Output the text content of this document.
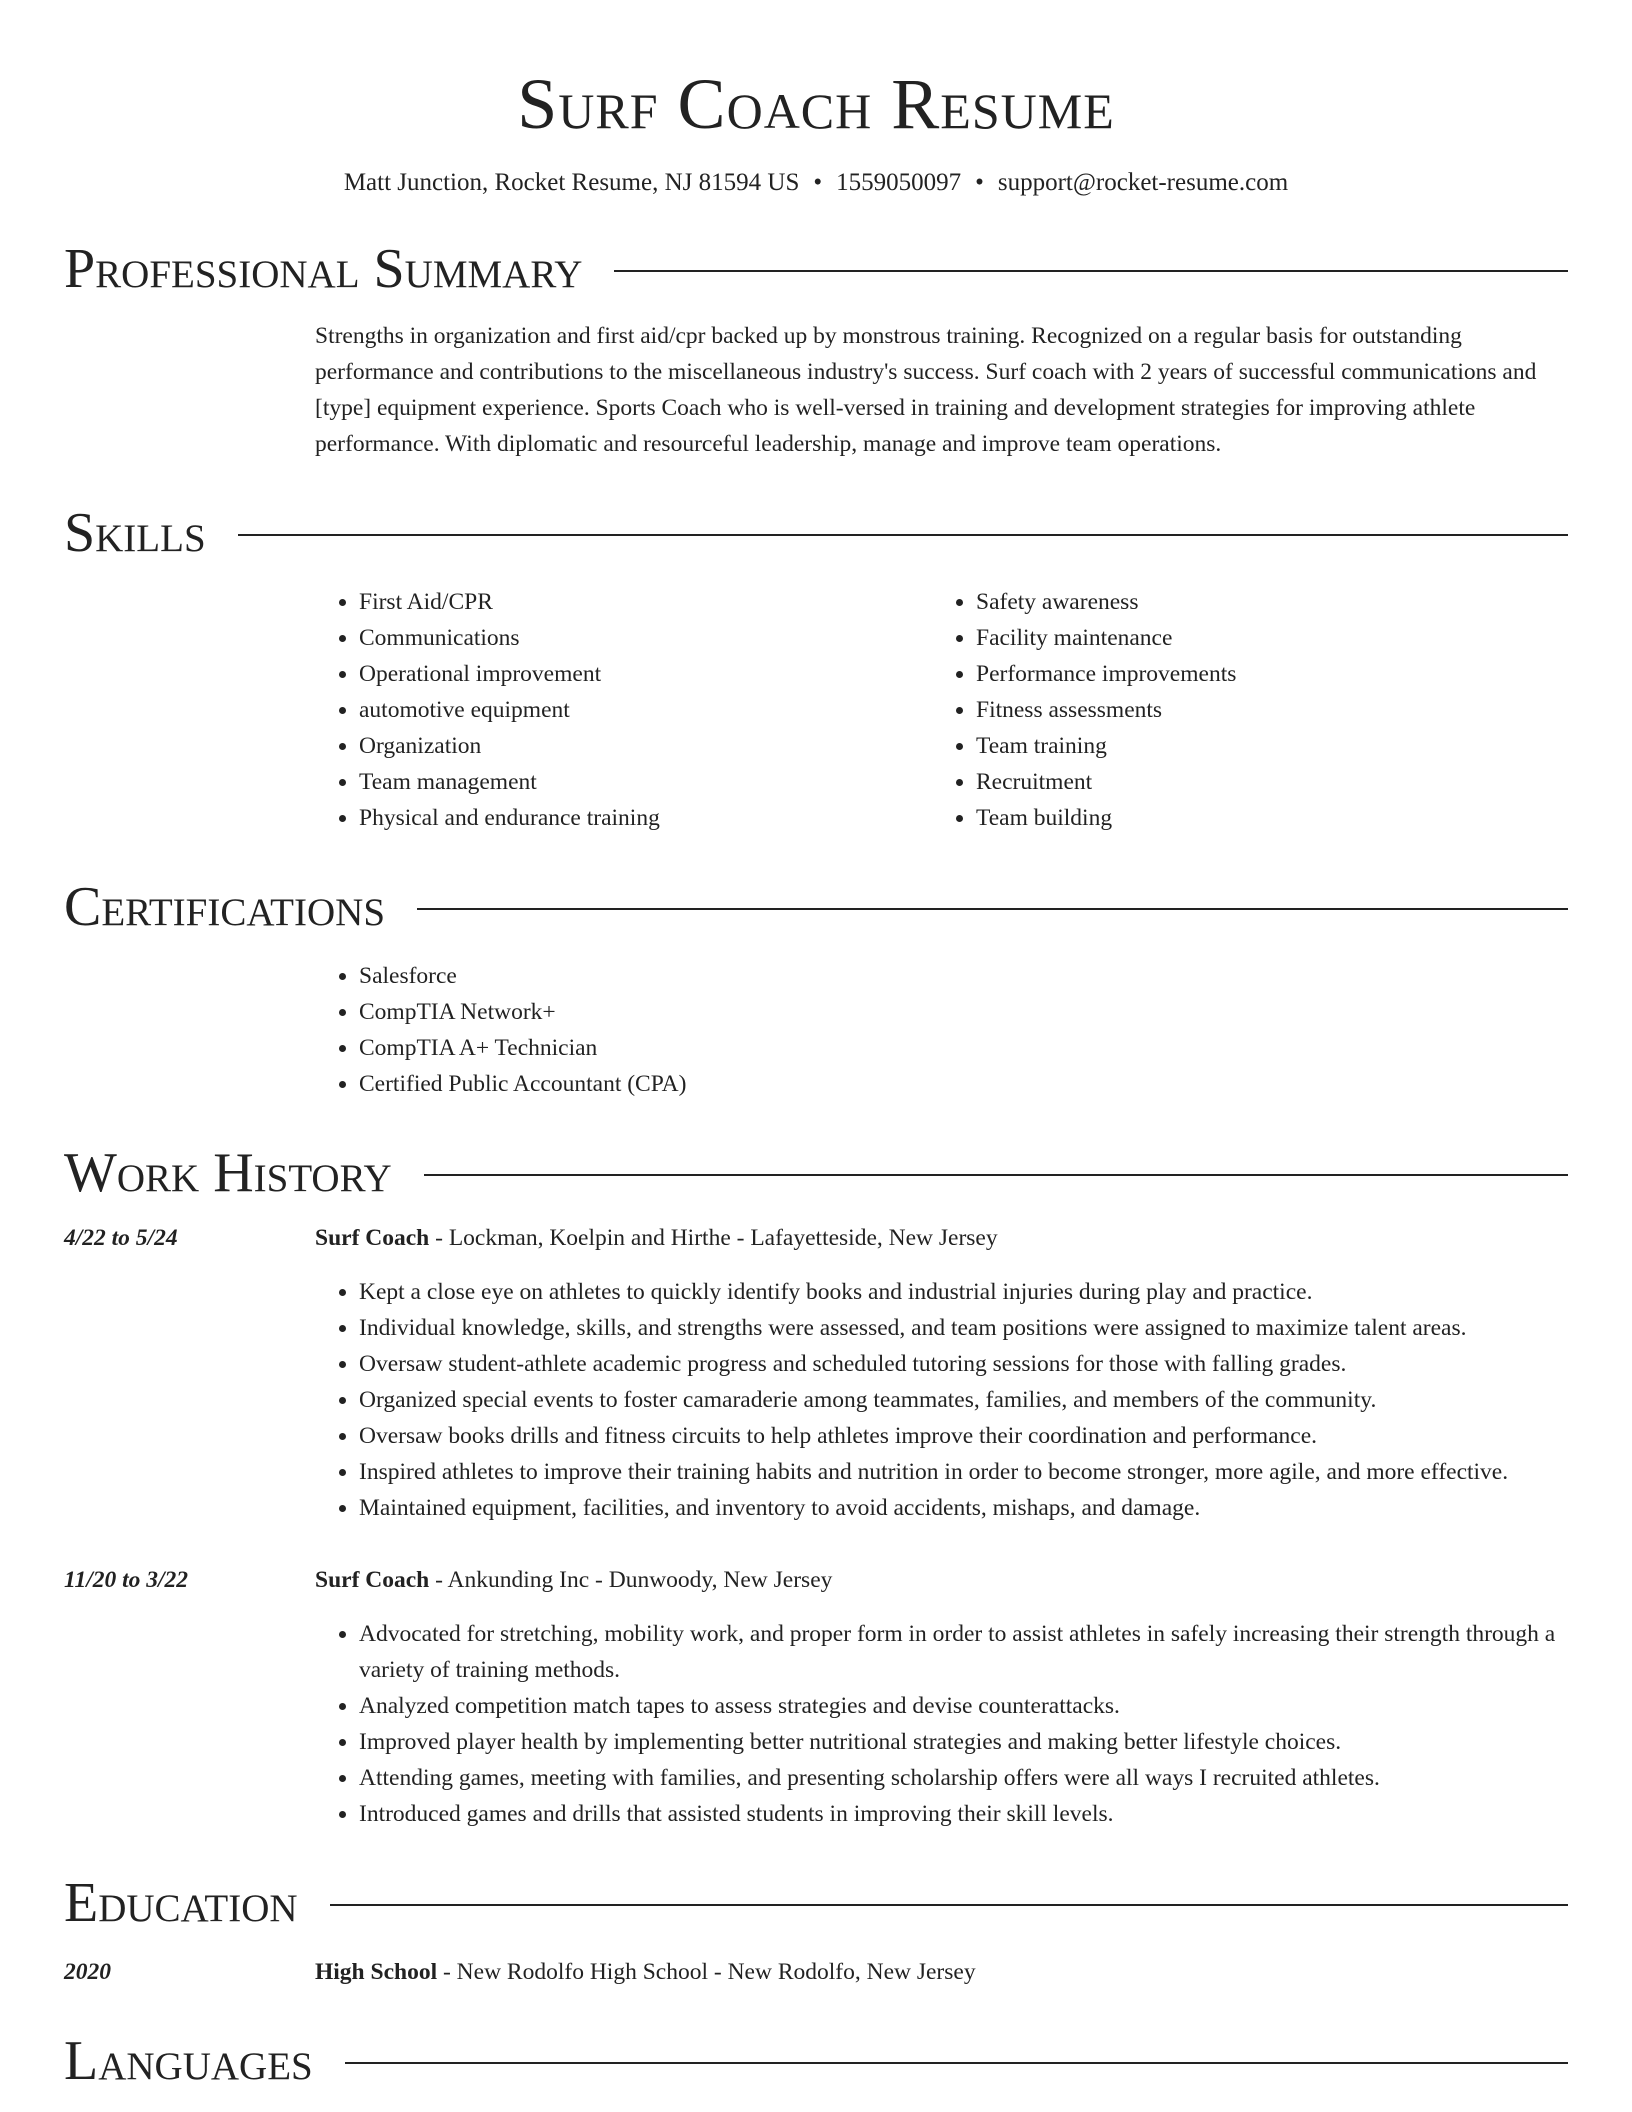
Surf Coach Resume
Matt Junction, Rocket Resume, NJ 81594 US • 1559050097 • support@rocket-resume.com
Professional Summary

Strengths in organization and first aid/cpr backed up by monstrous training. Recognized on a regular basis for outstanding performance and contributions to the miscellaneous industry's success. Surf coach with 2 years of successful communications and [type] equipment experience. Sports Coach who is well-versed in training and development strategies for improving athlete performance. With diplomatic and resourceful leadership, manage and improve team operations.

Skills
• First Aid/CPR
• Communications
• Operational improvement
• automotive equipment
• Organization
• Team management
• Physical and endurance training
• Safety awareness
• Facility maintenance
• Performance improvements
• Fitness assessments
• Team training
• Recruitment
• Team building
Certifications
• Salesforce
• CompTIA Network+
• CompTIA A+ Technician
• Certified Public Accountant (CPA)
Work History
4/22 to 5/24	Surf Coach - Lockman, Koelpin and Hirthe - Lafayetteside, New Jersey
• Kept a close eye on athletes to quickly identify books and industrial injuries during play and practice.
• Individual knowledge, skills, and strengths were assessed, and team positions were assigned to maximize talent areas.
• Oversaw student-athlete academic progress and scheduled tutoring sessions for those with falling grades.
• Organized special events to foster camaraderie among teammates, families, and members of the community.
• Oversaw books drills and fitness circuits to help athletes improve their coordination and performance.
• Inspired athletes to improve their training habits and nutrition in order to become stronger, more agile, and more effective.
• Maintained equipment, facilities, and inventory to avoid accidents, mishaps, and damage.
11/20 to 3/22	Surf Coach - Ankunding Inc - Dunwoody, New Jersey
• Advocated for stretching, mobility work, and proper form in order to assist athletes in safely increasing their strength through a variety of training methods.
• Analyzed competition match tapes to assess strategies and devise counterattacks.
• Improved player health by implementing better nutritional strategies and making better lifestyle choices.
• Attending games, meeting with families, and presenting scholarship offers were all ways I recruited athletes.
• Introduced games and drills that assisted students in improving their skill levels.
Education
2020	High School - New Rodolfo High School - New Rodolfo, New Jersey
Languages
